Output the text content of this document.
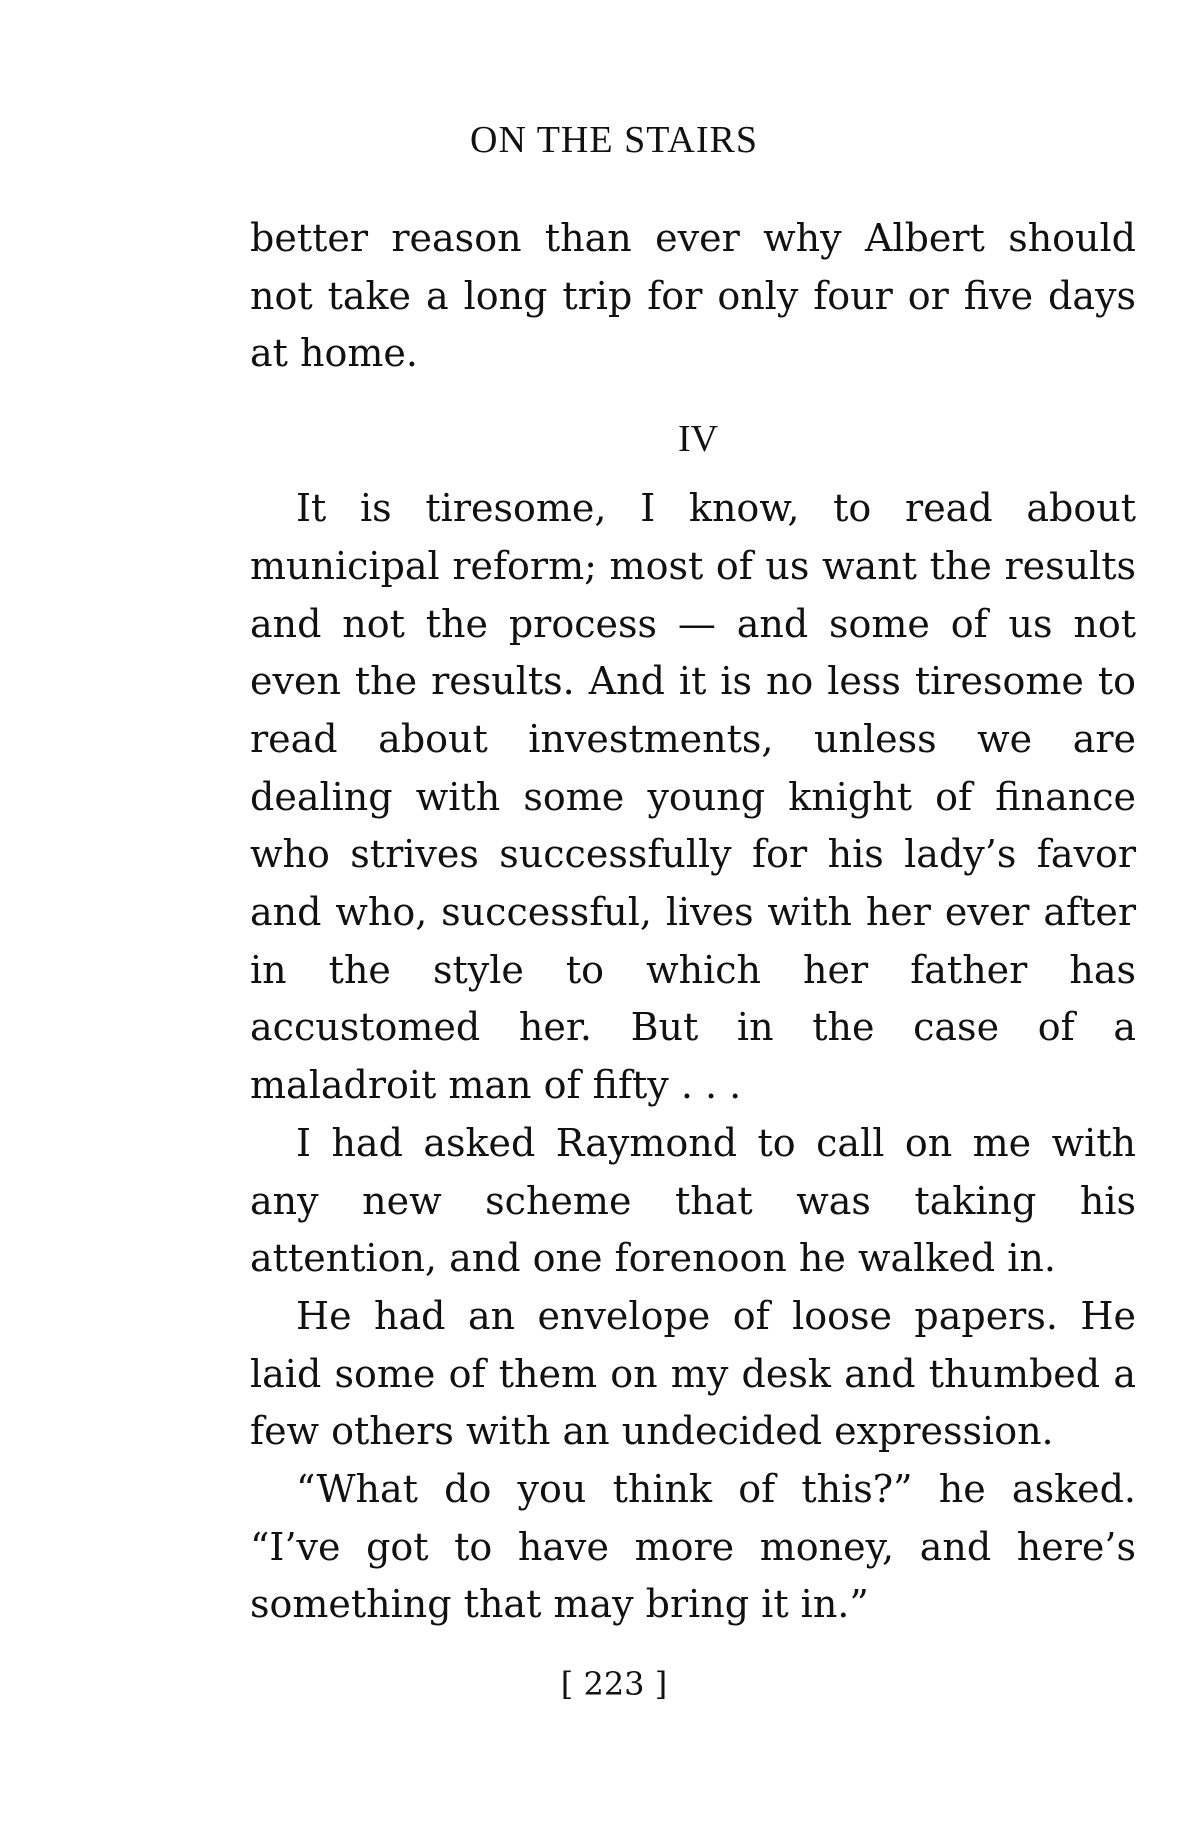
ON THE STAIRS

better reason than ever why Albert should not take a long trip for only four or five days at home.

IV

It is tiresome, I know, to read about municipal reform; most of us want the results and not the process — and some of us not even the results. And it is no less tiresome to read about investments, unless we are dealing with some young knight of finance who strives successfully for his lady’s favor and who, successful, lives with her ever after in the style to which her father has accustomed her. But in the case of a maladroit man of fifty . . .

I had asked Raymond to call on me with any new scheme that was taking his attention, and one forenoon he walked in.

He had an envelope of loose papers. He laid some of them on my desk and thumbed a few others with an undecided expression.

“What do you think of this?” he asked. “I’ve got to have more money, and here’s something that may bring it in.”

[ 223 ]
